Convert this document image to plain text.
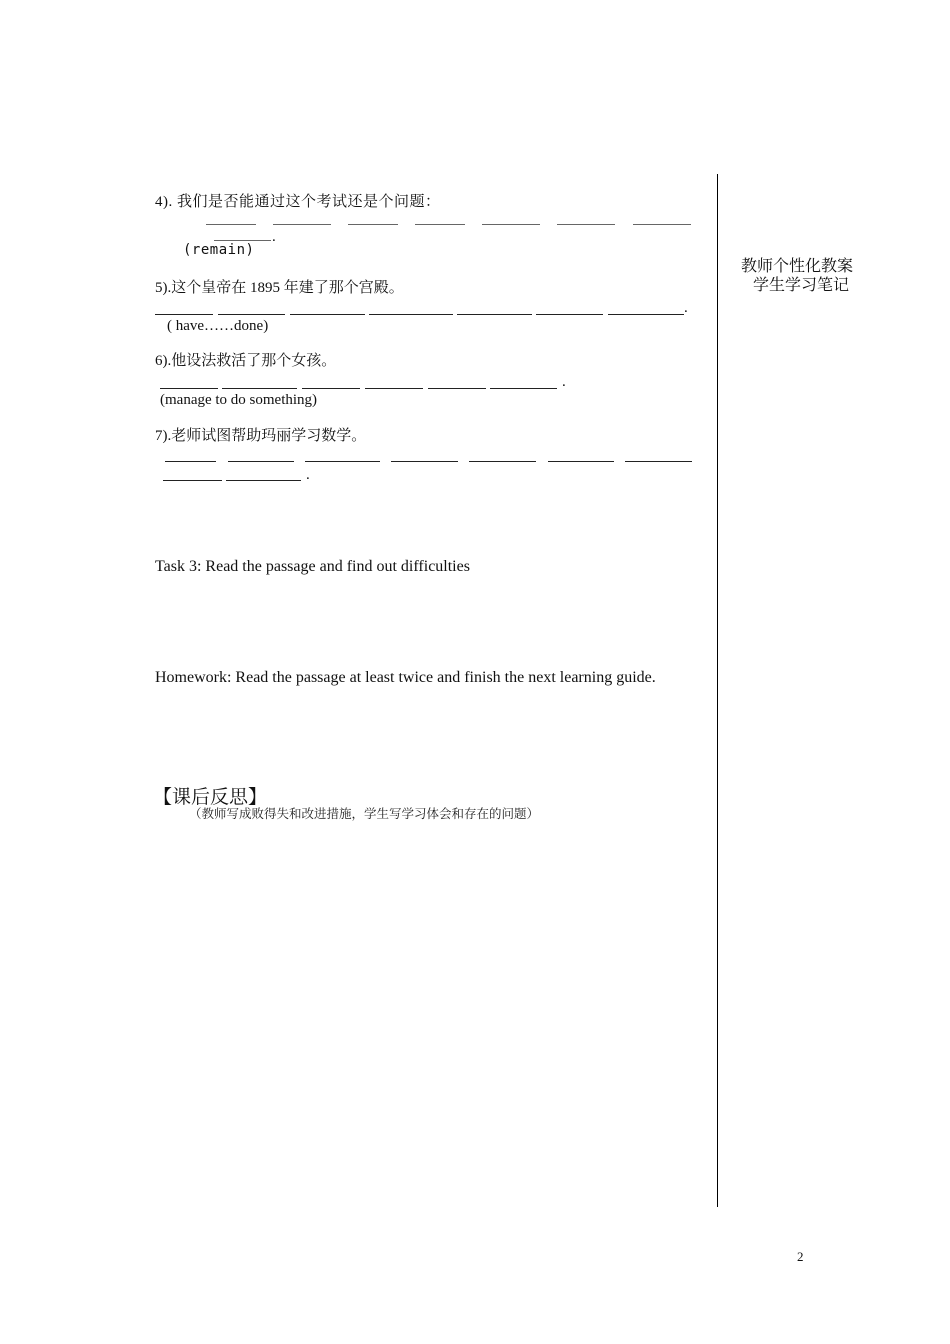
4). 我们是否能通过这个考试还是个问题：
.
(remain)
5).这个皇帝在 1895 年建了那个宫殿。
.
( have……done)
6).他设法救活了那个女孩。
.
(manage to do something)
7).老师试图帮助玛丽学习数学。
.
Task 3: Read the passage and find out difficulties
Homework: Read the passage at least twice and finish the next learning guide.
【课后反思】
（教师写成败得失和改进措施，学生写学习体会和存在的问题）
教师个性化教案
学生学习笔记
2
